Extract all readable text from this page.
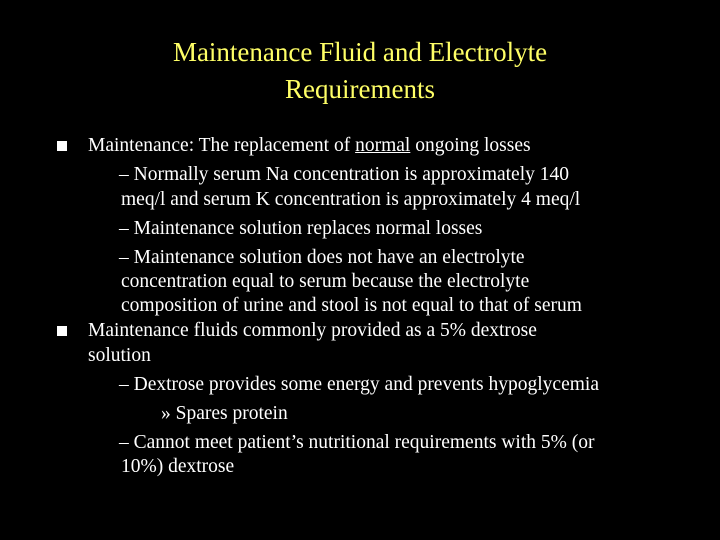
Maintenance Fluid and Electrolyte
Requirements
Maintenance: The replacement of normal ongoing losses
– Normally serum Na concentration is approximately 140
meq/l and serum K concentration is approximately 4 meq/l
– Maintenance solution replaces normal losses
– Maintenance solution does not have an electrolyte
concentration equal to serum because the electrolyte
composition of urine and stool is not equal to that of serum
Maintenance fluids commonly provided as a 5% dextrose
solution
– Dextrose provides some energy and prevents hypoglycemia
» Spares protein
– Cannot meet patient’s nutritional requirements with 5% (or
10%) dextrose
